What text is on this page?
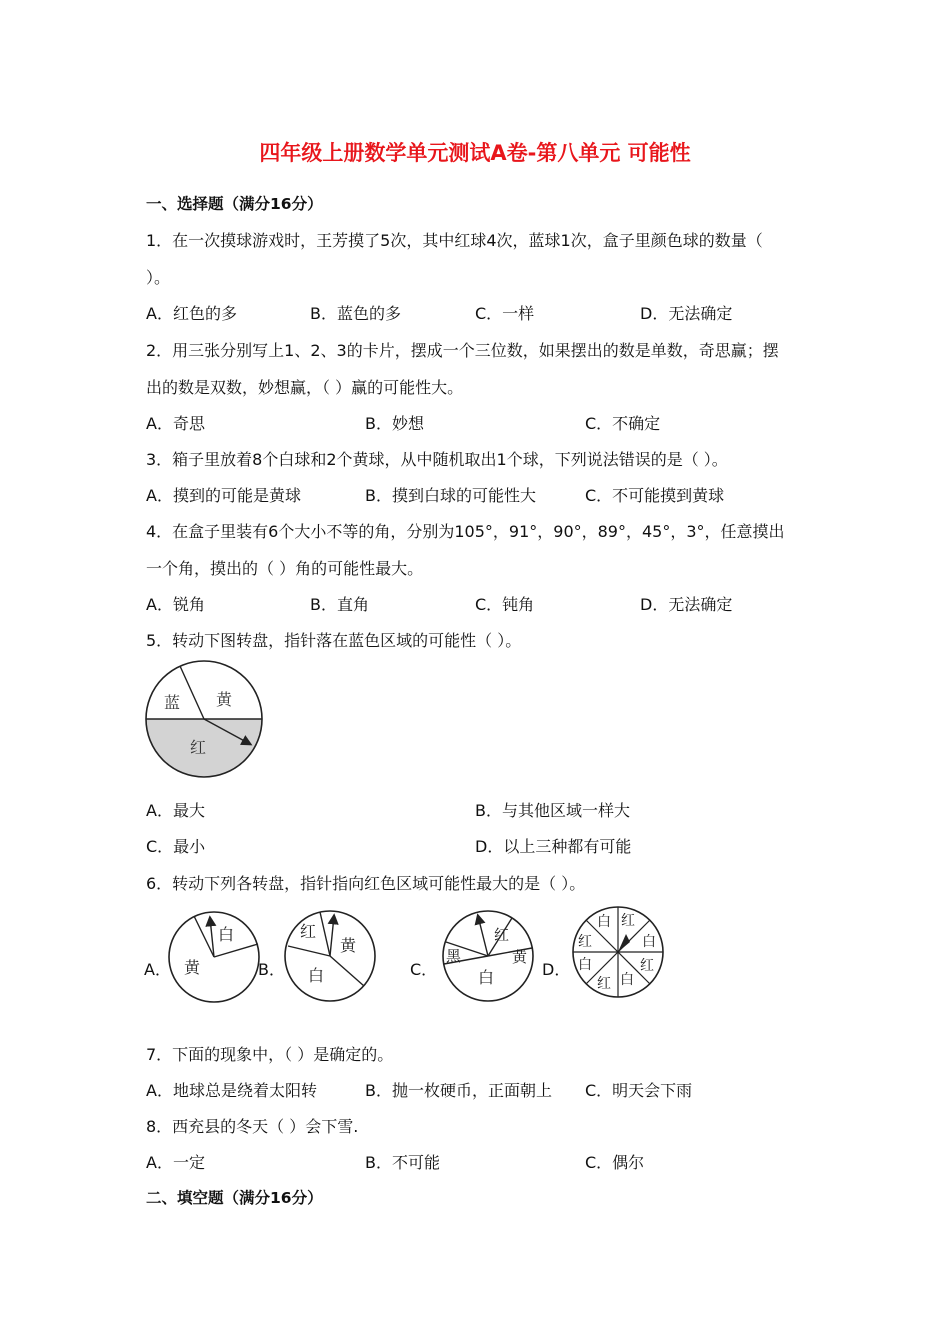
四年级上册数学单元测试A卷-第八单元 可能性
一、选择题（满分16分）
1．在一次摸球游戏时，王芳摸了5次，其中红球4次，蓝球1次，盒子里颜色球的数量（
）。
A．红色的多	B．蓝色的多	C．一样	D．无法确定
2．用三张分别写上1、2、3的卡片，摆成一个三位数，如果摆出的数是单数，奇思赢；摆
出的数是双数，妙想赢，（ ）赢的可能性大。
A．奇思	B．妙想	C．不确定
3．箱子里放着8个白球和2个黄球，从中随机取出1个球，下列说法错误的是（ ）。
A．摸到的可能是黄球	B．摸到白球的可能性大	C．不可能摸到黄球
4．在盒子里装有6个大小不等的角，分别为105°，91°，90°，89°，45°，3°，任意摸出
一个角，摸出的（ ）角的可能性最大。
A．锐角	B．直角	C．钝角	D．无法确定
5．转动下图转盘，指针落在蓝色区域的可能性（ ）。
蓝 黄
红
A．最大	B．与其他区域一样大
C．最小	D．以上三种都有可能
6．转动下列各转盘，指针指向红色区域可能性最大的是（ ）。
A．
白
黄	B．
红
黄
白	C．
黑
红
黄
白	D．
白 红
白
红
白
红
白
红
7．下面的现象中，（ ）是确定的。
A．地球总是绕着太阳转	B．抛一枚硬币，正面朝上 C．明天会下雨
8．西充县的冬天（ ）会下雪.
A．一定	B．不可能	C．偶尔
二、填空题（满分16分）
